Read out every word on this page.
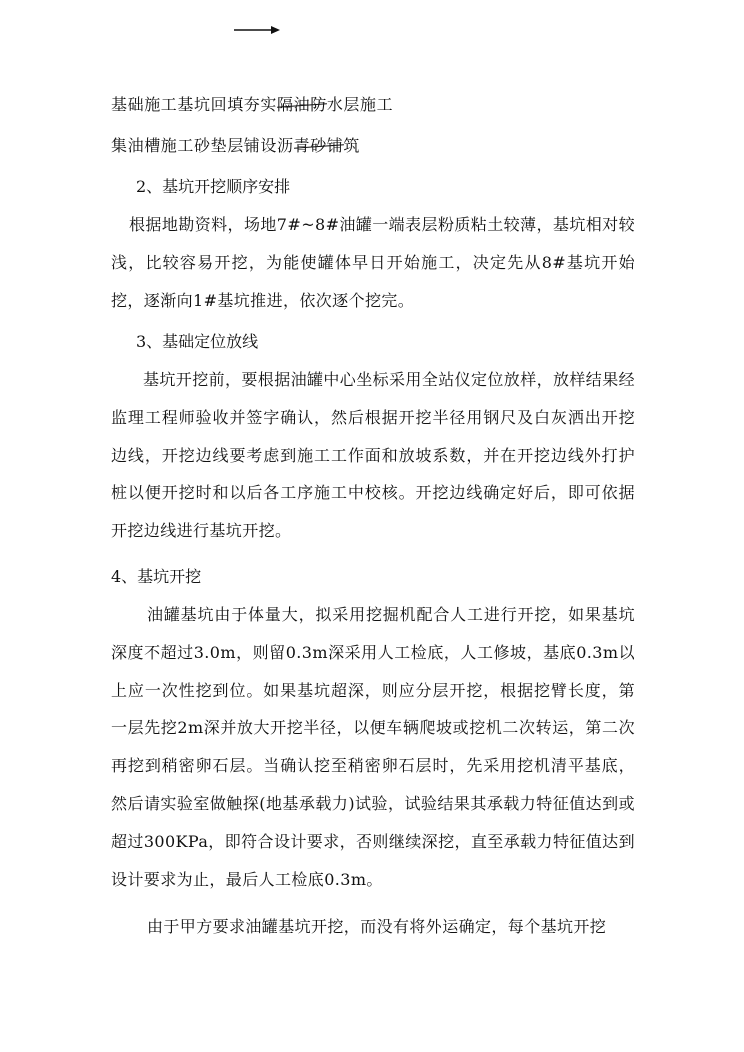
基础施工基坑回填夯实隔油防水层施工
集油槽施工砂垫层铺设沥青砂铺筑
2、基坑开挖顺序安排
根据地勘资料，场地7#~8#油罐一端表层粉质粘土较薄，基坑相对较浅，比较容易开挖，为能使罐体早日开始施工，决定先从8#基坑开始挖，逐渐向1#基坑推进，依次逐个挖完。
3、基础定位放线
基坑开挖前，要根据油罐中心坐标采用全站仪定位放样，放样结果经监理工程师验收并签字确认，然后根据开挖半径用钢尺及白灰洒出开挖边线，开挖边线要考虑到施工工作面和放坡系数，并在开挖边线外打护桩以便开挖时和以后各工序施工中校核。开挖边线确定好后，即可依据开挖边线进行基坑开挖。
4、基坑开挖
油罐基坑由于体量大，拟采用挖掘机配合人工进行开挖，如果基坑深度不超过3.0m，则留0.3m深采用人工检底，人工修坡，基底0.3m以上应一次性挖到位。如果基坑超深，则应分层开挖，根据挖臂长度，第一层先挖2m深并放大开挖半径，以便车辆爬坡或挖机二次转运，第二次再挖到稍密卵石层。当确认挖至稍密卵石层时，先采用挖机清平基底，然后请实验室做触探(地基承载力)试验，试验结果其承载力特征值达到或超过300KPa，即符合设计要求，否则继续深挖，直至承载力特征值达到设计要求为止，最后人工检底0.3m。
由于甲方要求油罐基坑开挖，而没有将外运确定，每个基坑开挖
